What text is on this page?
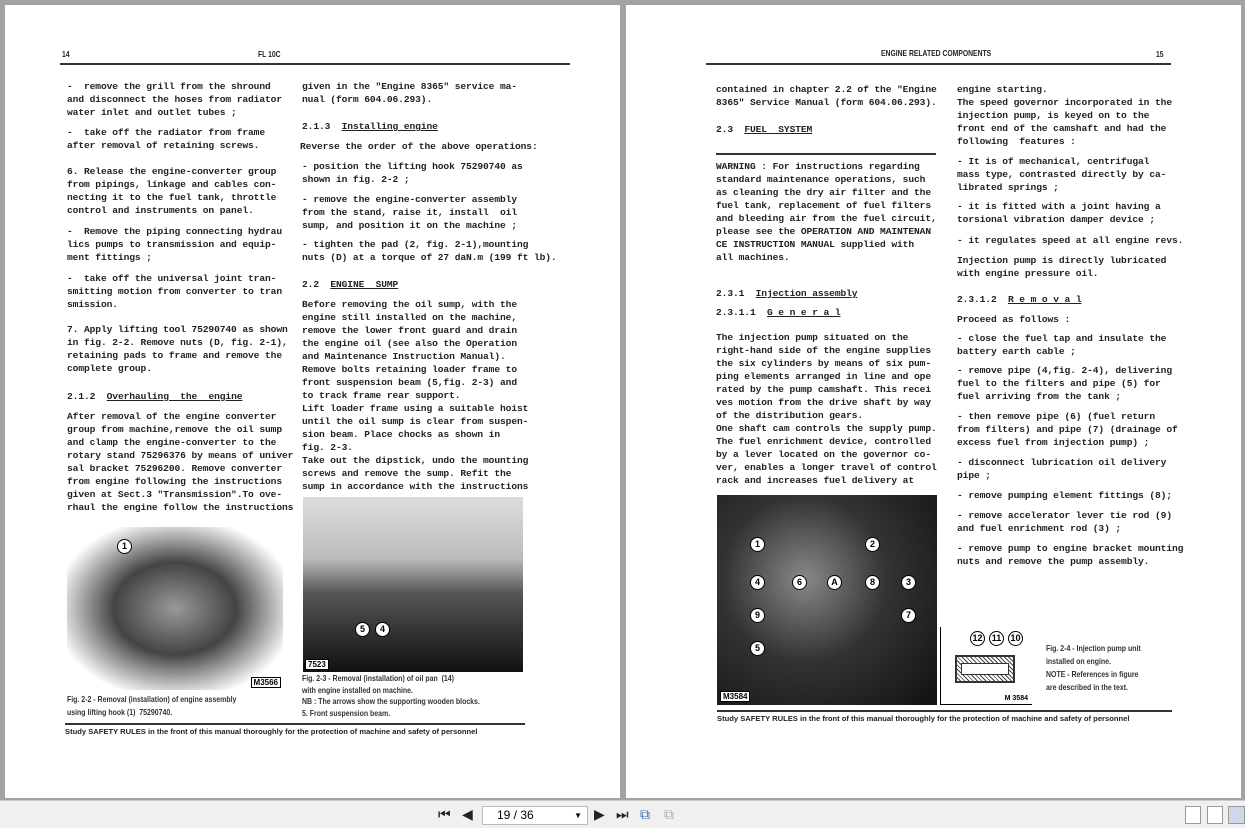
14	FL 10C
-  remove the grill from the shround
and disconnect the hoses from radiator
water inlet and outlet tubes ;
-  take off the radiator from frame
after removal of retaining screws.
6. Release the engine-converter group
from pipings, linkage and cables con-
necting it to the fuel tank, throttle
control and instruments on panel.
-  Remove the piping connecting hydrau
lics pumps to transmission and equip-
ment fittings ;
-  take off the universal joint tran-
smitting motion from converter to tran
smission.
7. Apply lifting tool 75290740 as shown
in fig. 2-2. Remove nuts (D, fig. 2-1),
retaining pads to frame and remove the
complete group.
2.1.2 Overhauling  the  engine
After removal of the engine converter
group from machine,remove the oil sump
and clamp the engine-converter to the
rotary stand 75296376 by means of univer
sal bracket 75296200. Remove converter
from engine following the instructions
given at Sect.3 "Transmission".To ove-
rhaul the engine follow the instructions
1
M3566
Fig. 2-2 - Removal (installation) of engine assembly
using lifting hook (1)  75290740.
given in the "Engine 8365" service ma-
nual (form 604.06.293).
2.1.3 Installing engine
Reverse the order of the above operations:
- position the lifting hook 75290740 as
shown in fig. 2-2 ;
- remove the engine-converter assembly
from the stand, raise it, install  oil
sump, and position it on the machine ;
- tighten the pad (2, fig. 2-1),mounting
nuts (D) at a torque of 27 daN.m (199 ft lb).
2.2 ENGINE  SUMP
Before removing the oil sump, with the
engine still installed on the machine,
remove the lower front guard and drain
the engine oil (see also the Operation
and Maintenance Instruction Manual).
Remove bolts retaining loader frame to
front suspension beam (5,fig. 2-3) and
to track frame rear support.
Lift loader frame using a suitable hoist
until the oil sump is clear from suspen-
sion beam. Place chocks as shown in
fig. 2-3.
Take out the dipstick, undo the mounting
screws and remove the sump. Refit the
sump in accordance with the instructions
5	4
7523
Fig. 2-3 - Removal (installation) of oil pan  (14)
with engine installed on machine.
NB : The arrows show the supporting wooden blocks.
5. Front suspension beam.
Study SAFETY RULES in the front of this manual thoroughly for the protection of machine and safety of personnel
ENGINE RELATED COMPONENTS	15
contained in chapter 2.2 of the "Engine
8365" Service Manual (form 604.06.293).
2.3 FUEL  SYSTEM
WARNING : For instructions regarding
standard maintenance operations, such
as cleaning the dry air filter and the
fuel tank, replacement of fuel filters
and bleeding air from the fuel circuit,
please see the OPERATION AND MAINTENAN
CE INSTRUCTION MANUAL supplied with
all machines.
2.3.1 Injection assembly
2.3.1.1 G e n e r a l
The injection pump situated on the
right-hand side of the engine supplies
the six cylinders by means of six pum-
ping elements arranged in line and ope
rated by the pump camshaft. This recei
ves motion from the drive shaft by way
of the distribution gears.
One shaft cam controls the supply pump.
The fuel enrichment device, controlled
by a lever located on the governor co-
ver, enables a longer travel of control
rack and increases fuel delivery at
1	2
4	6	A	8	3
9	7
5
M3584
12	11	10
M 3584
Fig. 2-4 - Injection pump unit
installed on engine.
NOTE - References in figure
are described in the text.
engine starting.
The speed governor incorporated in the
injection pump, is keyed on to the
front end of the camshaft and had the
following  features :
- It is of mechanical, centrifugal
mass type, contrasted directly by ca-
librated springs ;
- it is fitted with a joint having a
torsional vibration damper device ;
- it regulates speed at all engine revs.
Injection pump is directly lubricated
with engine pressure oil.
2.3.1.2 R e m o v a l
Proceed as follows :
- close the fuel tap and insulate the
battery earth cable ;
- remove pipe (4,fig. 2-4), delivering
fuel to the filters and pipe (5) for
fuel arriving from the tank ;
- then remove pipe (6) (fuel return
from filters) and pipe (7) (drainage of
excess fuel from injection pump) ;
- disconnect lubrication oil delivery
pipe ;
- remove pumping element fittings (8);
- remove accelerator lever tie rod (9)
and fuel enrichment rod (3) ;
- remove pump to engine bracket mounting
nuts and remove the pump assembly.
Study SAFETY RULES in the front of this manual thoroughly for the protection of machine and safety of personnel
⏮ ◀	19 / 36	▼ ▶ ⏭ ⧉ ⧉
